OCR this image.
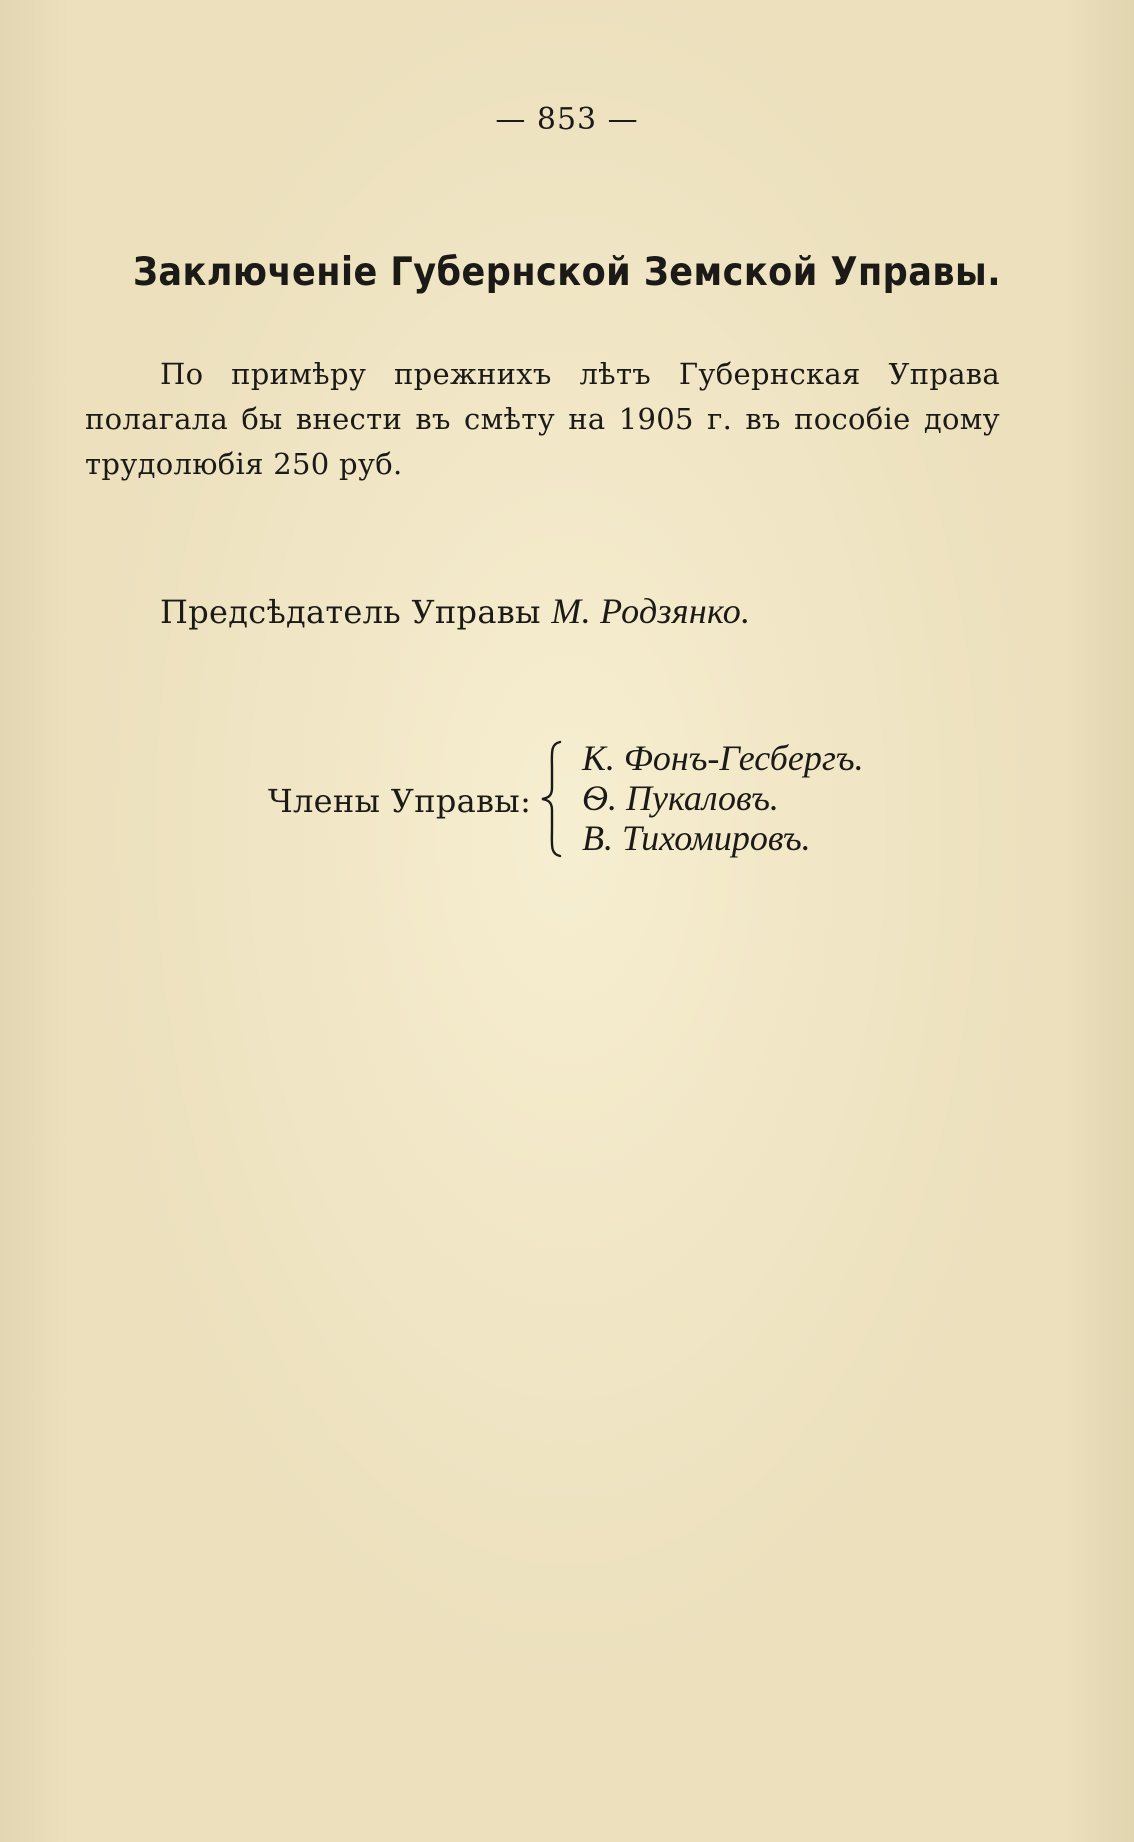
— 853 —
Заключеніе Губернской Земской Управы.
По примѣру прежнихъ лѣтъ Губернская Управа полагала бы внести въ смѣту на 1905 г. въ пособіе дому трудолюбія 250 руб.
Предсѣдатель Управы М. Родзянко.
Члены Управы:
К. Фонъ-Гесбергъ.
Ѳ. Пукаловъ.
В. Тихомировъ.
